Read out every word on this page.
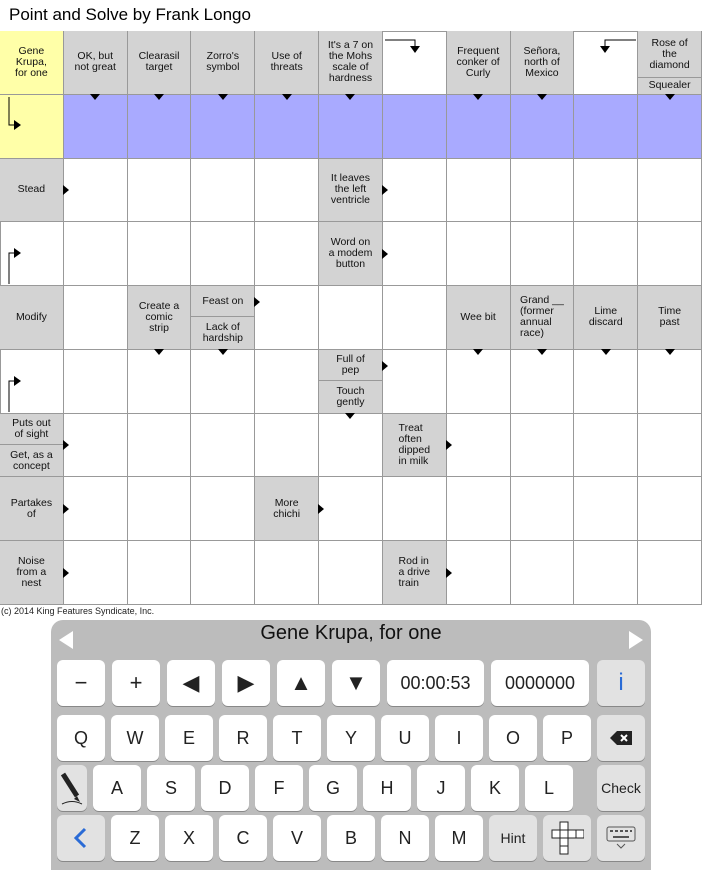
Point and Solve by Frank Longo
Gene
Krupa,
for one
OK, but
not great
Clearasil
target
Zorro's
symbol
Use of
threats
It's a 7 on
the Mohs
scale of
hardness
Frequent
conker of
Curly
Señora,
north of
Mexico
Rose of
the
diamond
Squealer
Stead
It leaves
the left
ventricle
Word on
a modem
button
Modify
Create a
comic
strip
Feast on
Lack of
hardship
Wee bit
Grand __
(former
annual
race)
Lime
discard
Time
past
Full of
pep
Touch
gently
Puts out
of sight
Get, as a
concept
Treat
often
dipped
in milk
Partakes
of
More
chichi
Noise
from a
nest
Rod in
a drive
train
(c) 2014 King Features Syndicate, Inc.
Gene Krupa, for one
− + ◀ ▶ ▲ ▼ 00:00:53 0000000 i
Q W E R T Y U I O P
A S D F G H J K L
Z X C V B N M
Check
Hint
